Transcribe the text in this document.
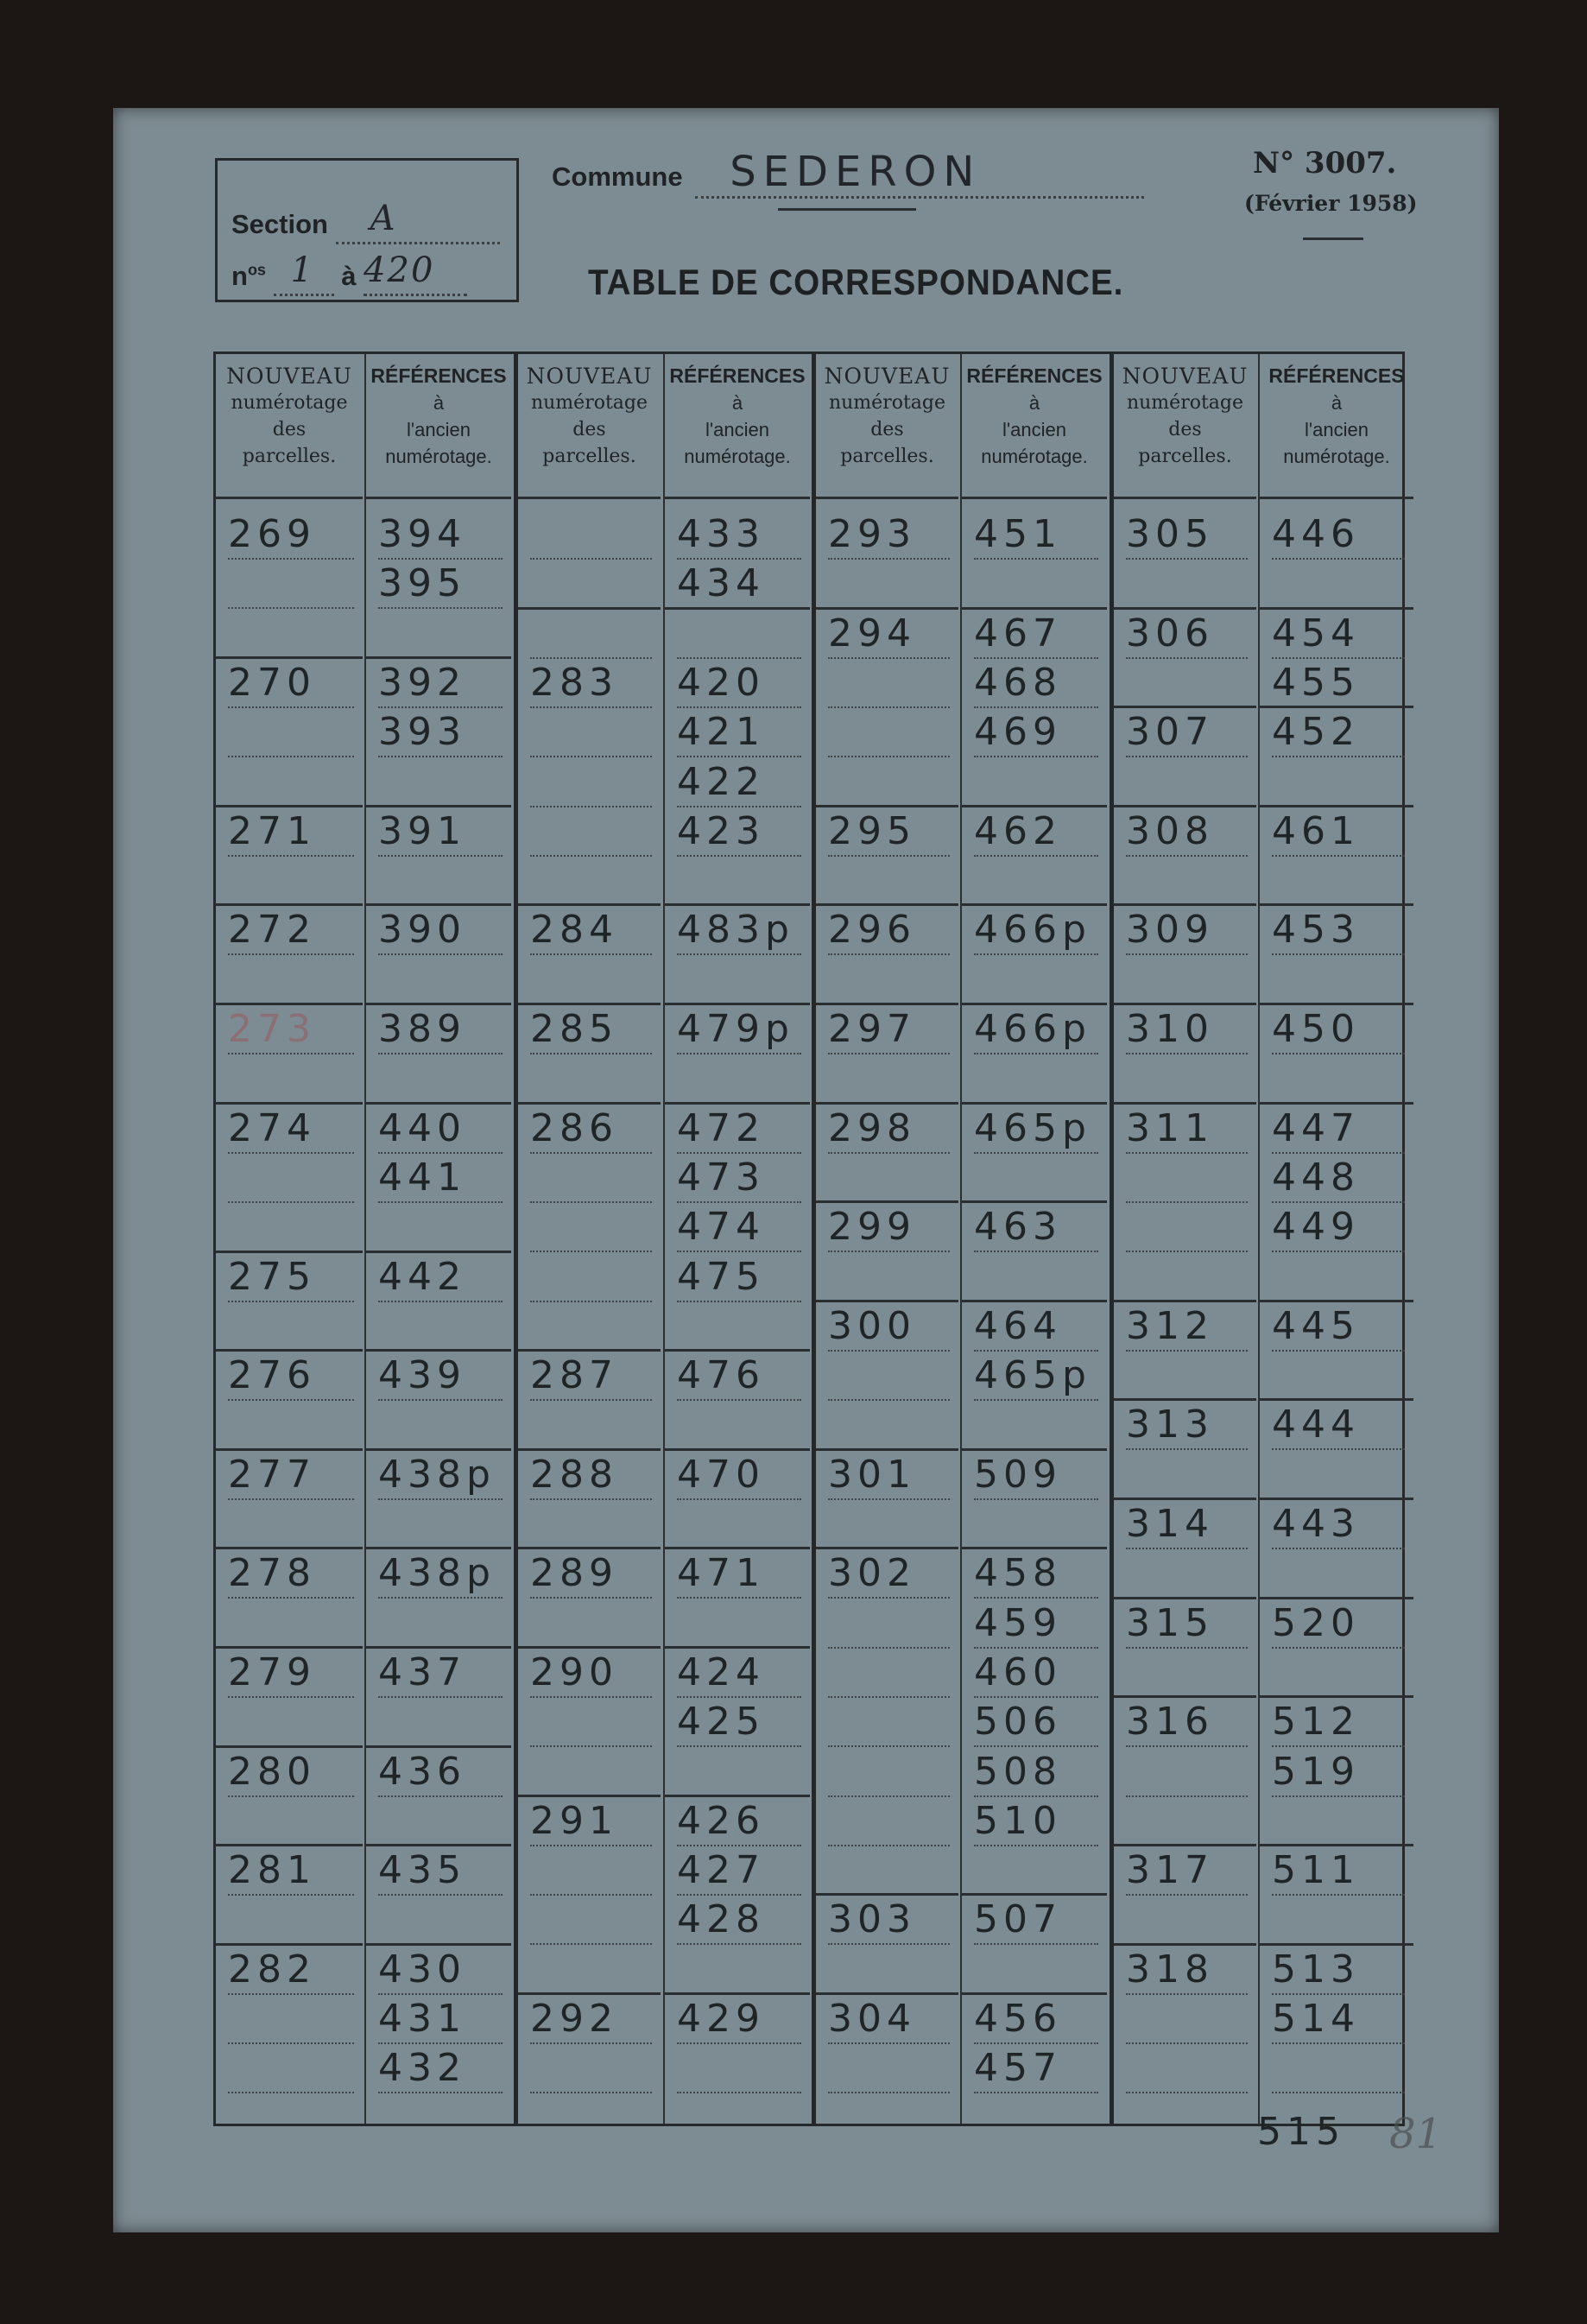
Section A
$n^{os}$ 1 à 420
Commune SEDERON	N° 3007.
(Février 1958)
TABLE DE CORRESPONDANCE.
NOUVEAU
numérotage
des
parcelles.
269
270
271
272
273
274
275
276
277
278
279
280
281
282
RÉFÉRENCES
à
l'ancien
numérotage.
394
395
392
393
391
390
389
440
441
442
439
438p
438p
437
436
435
430
431
432
NOUVEAU
numérotage
des
parcelles.
283
284
285
286
287
288
289
290
291
292
RÉFÉRENCES
à
l'ancien
numérotage.
433
434
420
421
422
423
483p
479p
472
473
474
475
476
470
471
424
425
426
427
428
429
NOUVEAU
numérotage
des
parcelles.
293
294
295
296
297
298
299
300
301
302
303
304
RÉFÉRENCES
à
l'ancien
numérotage.
451
467
468
469
462
466p
466p
465p
463
464
465p
509
458
459
460
506
508
510
507
456
457
NOUVEAU
numérotage
des
parcelles.
305
306
307
308
309
310
311
312
313
314
315
316
317
318
RÉFÉRENCES
à
l'ancien
numérotage.
446
454
455
452
461
453
450
447
448
449
445
444
443
520
512
519
511
513
514
515 81
